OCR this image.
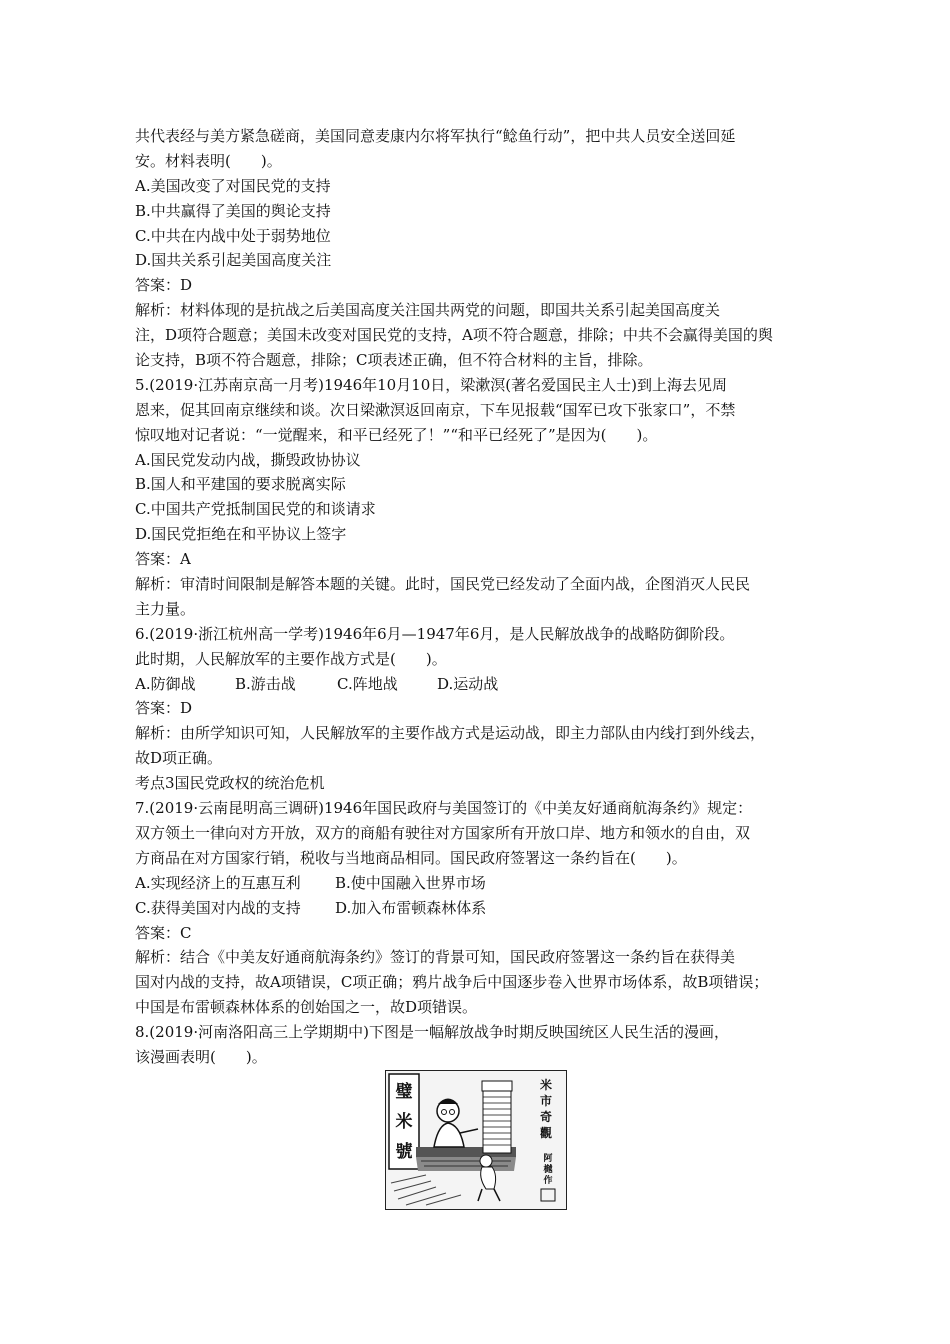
共代表经与美方紧急磋商，美国同意麦康内尔将军执行“鲶鱼行动”，把中共人员安全送回延
安。材料表明(　　)。
A.美国改变了对国民党的支持
B.中共赢得了美国的舆论支持
C.中共在内战中处于弱势地位
D.国共关系引起美国高度关注
答案：D
解析：材料体现的是抗战之后美国高度关注国共两党的问题，即国共关系引起美国高度关
注，D项符合题意；美国未改变对国民党的支持，A项不符合题意，排除；中共不会赢得美国的舆
论支持，B项不符合题意，排除；C项表述正确，但不符合材料的主旨，排除。
5.(2019·江苏南京高一月考)1946年10月10日，梁漱溟(著名爱国民主人士)到上海去见周
恩来，促其回南京继续和谈。次日梁漱溟返回南京，下车见报载“国军已攻下张家口”，不禁
惊叹地对记者说：“一觉醒来，和平已经死了！”“和平已经死了”是因为(　　)。
A.国民党发动内战，撕毁政协协议
B.国人和平建国的要求脱离实际
C.中国共产党抵制国民党的和谈请求
D.国民党拒绝在和平协议上签字
答案：A
解析：审清时间限制是解答本题的关键。此时，国民党已经发动了全面内战，企图消灭人民民
主力量。
6.(2019·浙江杭州高一学考)1946年6月—1947年6月，是人民解放战争的战略防御阶段。
此时期，人民解放军的主要作战方式是(　　)。
A.防御战	B.游击战	C.阵地战	D.运动战
答案：D
解析：由所学知识可知，人民解放军的主要作战方式是运动战，即主力部队由内线打到外线去，
故D项正确。
考点3国民党政权的统治危机
7.(2019·云南昆明高三调研)1946年国民政府与美国签订的《中美友好通商航海条约》规定：
双方领土一律向对方开放，双方的商船有驶往对方国家所有开放口岸、地方和领水的自由，双
方商品在对方国家行销，税收与当地商品相同。国民政府签署这一条约旨在(　　)。
A.实现经济上的互惠互利 B.使中国融入世界市场
C.获得美国对内战的支持 D.加入布雷顿森林体系
答案：C
解析：结合《中美友好通商航海条约》签订的背景可知，国民政府签署这一条约旨在获得美
国对内战的支持，故A项错误，C项正确；鸦片战争后中国逐步卷入世界市场体系，故B项错误；
中国是布雷顿森林体系的创始国之一，故D项错误。
8.(2019·河南洛阳高三上学期期中)下图是一幅解放战争时期反映国统区人民生活的漫画，
该漫画表明(　　)。
璧
米
號
米
市
奇
觀
阿
樾
作
